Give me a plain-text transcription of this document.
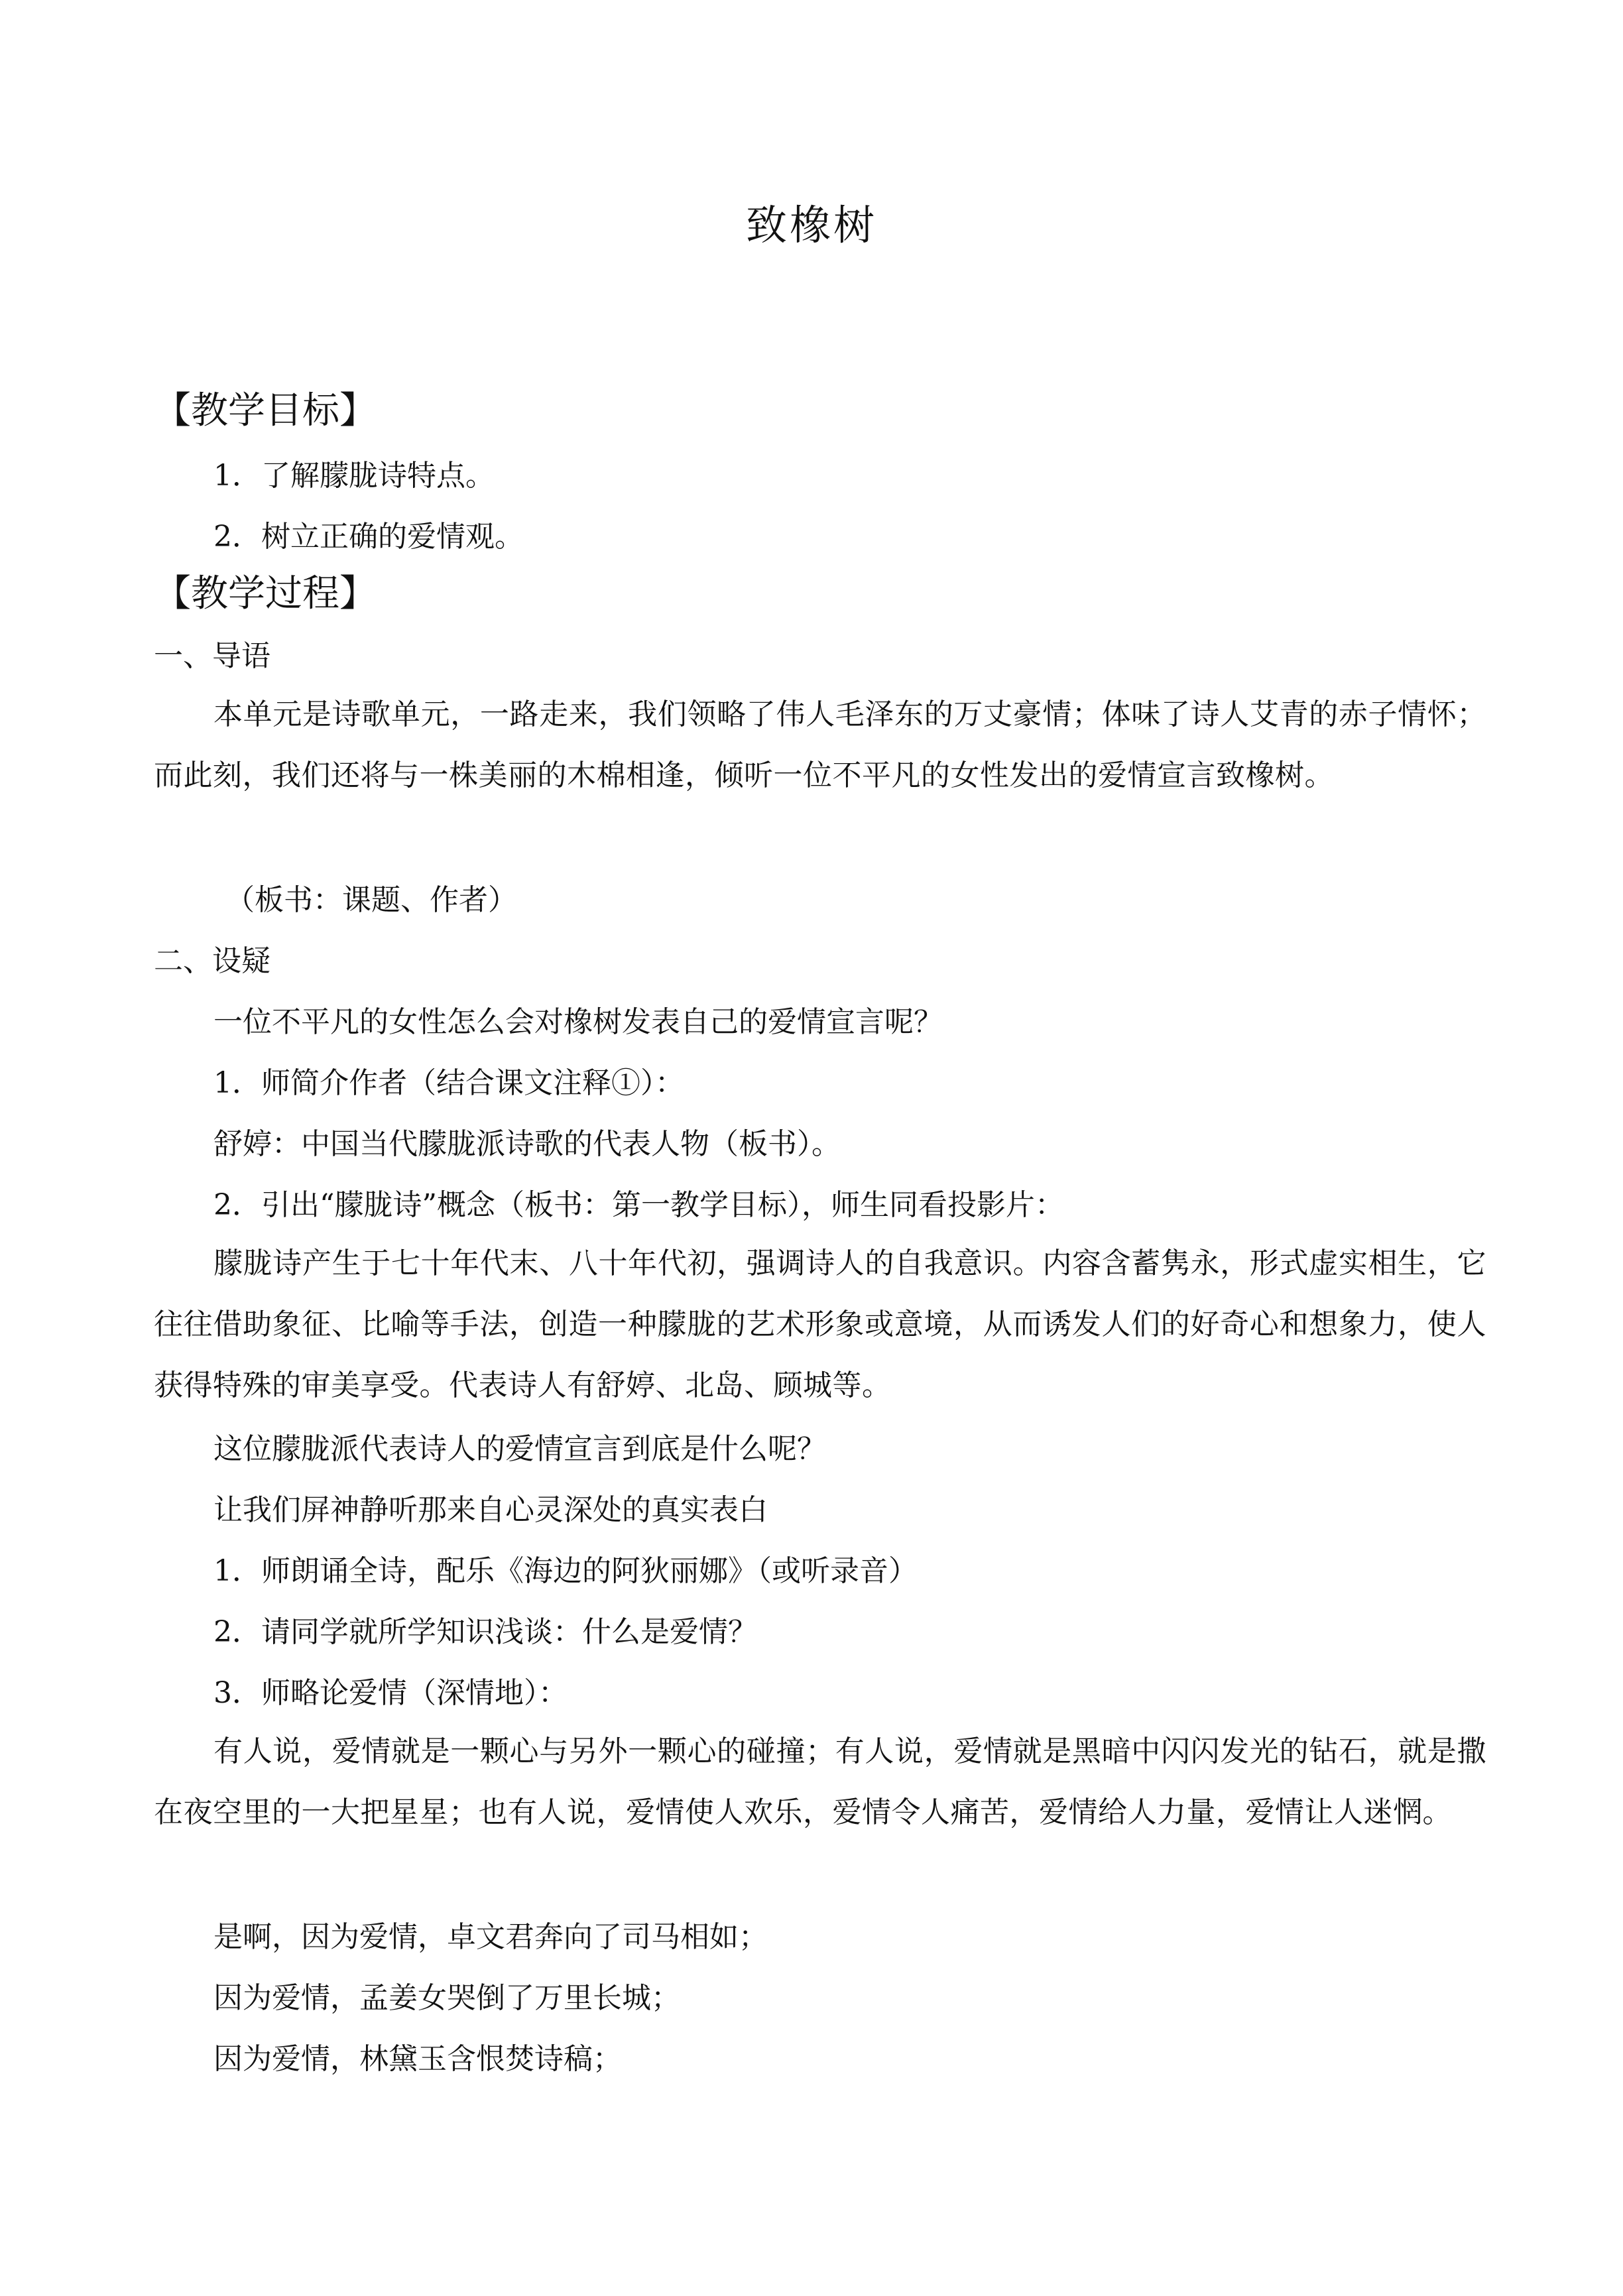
致橡树
【教学目标】
1．了解朦胧诗特点。
2．树立正确的爱情观。
【教学过程】
一、导语
本单元是诗歌单元，一路走来，我们领略了伟人毛泽东的万丈豪情；体味了诗人艾青的赤子情怀；而此刻，我们还将与一株美丽的木棉相逢，倾听一位不平凡的女性发出的爱情宣言致橡树。
（板书：课题、作者）
二、设疑
一位不平凡的女性怎么会对橡树发表自己的爱情宣言呢？
1．师简介作者（结合课文注释①）：
舒婷：中国当代朦胧派诗歌的代表人物（板书）。
2．引出“朦胧诗”概念（板书：第一教学目标），师生同看投影片：
朦胧诗产生于七十年代末、八十年代初，强调诗人的自我意识。内容含蓄隽永，形式虚实相生，它往往借助象征、比喻等手法，创造一种朦胧的艺术形象或意境，从而诱发人们的好奇心和想象力，使人获得特殊的审美享受。代表诗人有舒婷、北岛、顾城等。
这位朦胧派代表诗人的爱情宣言到底是什么呢？
让我们屏神静听那来自心灵深处的真实表白
1．师朗诵全诗，配乐《海边的阿狄丽娜》（或听录音）
2．请同学就所学知识浅谈：什么是爱情？
3．师略论爱情（深情地）：
有人说，爱情就是一颗心与另外一颗心的碰撞；有人说，爱情就是黑暗中闪闪发光的钻石，就是撒在夜空里的一大把星星；也有人说，爱情使人欢乐，爱情令人痛苦，爱情给人力量，爱情让人迷惘。
是啊，因为爱情，卓文君奔向了司马相如；
因为爱情，孟姜女哭倒了万里长城；
因为爱情，林黛玉含恨焚诗稿；
